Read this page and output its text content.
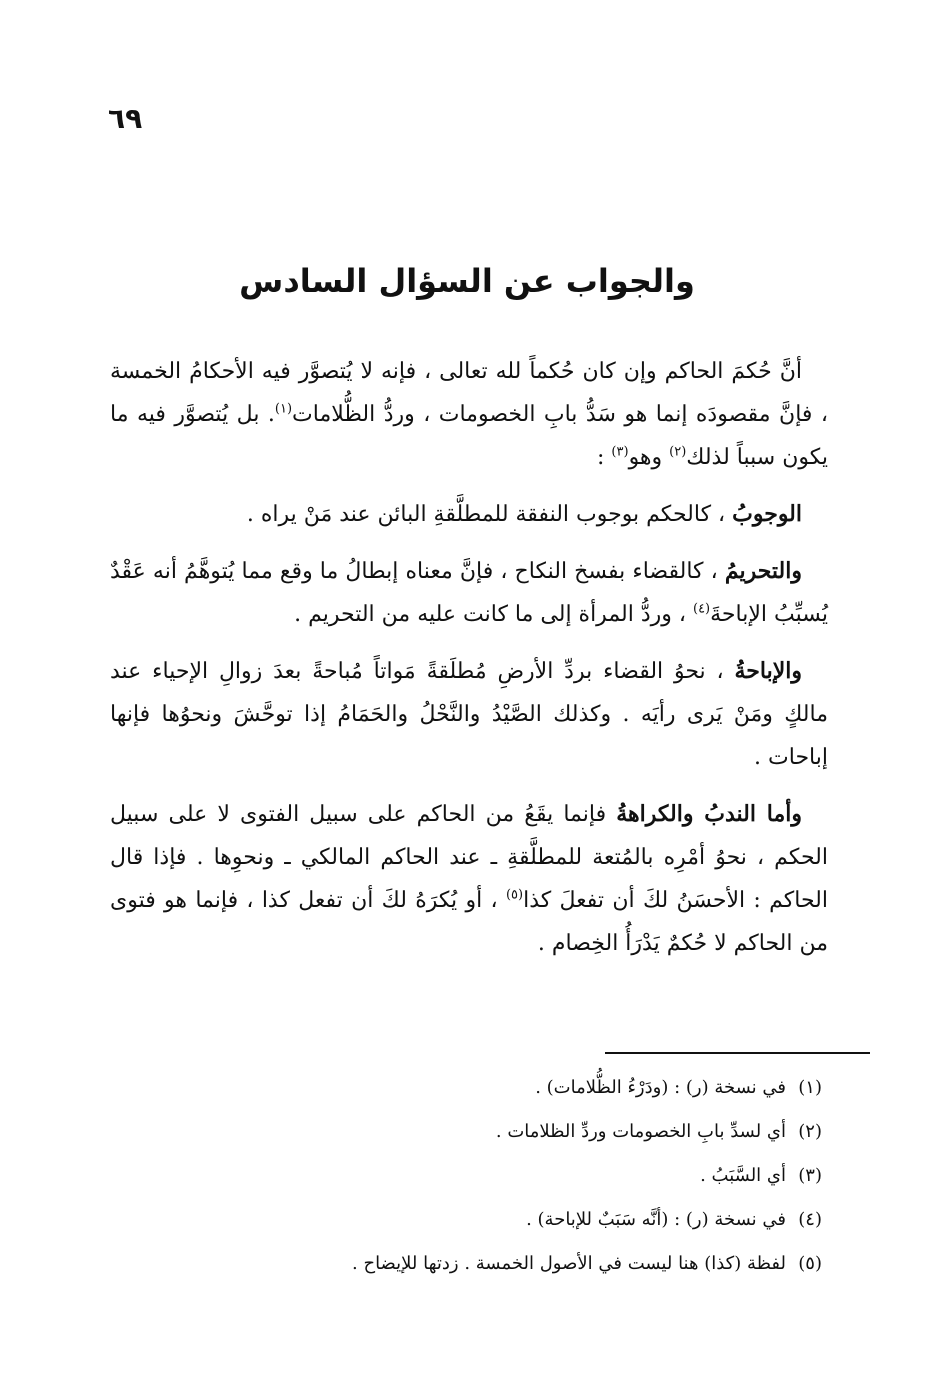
٦٩
والجواب عن السؤال السادس

أنَّ حُكمَ الحاكم وإن كان حُكماً لله تعالى ، فإنه لا يُتصوَّر فيه الأحكامُ الخمسة ، فإنَّ مقصودَه إنما هو سَدُّ بابِ الخصومات ، وردُّ الظُّلامات$^{(١)}$. بل يُتصوَّر فيه ما يكون سبباً لذلك$^{(٢)}$ وهو$^{(٣)}$ :

الوجوبُ ، كالحكم بوجوب النفقة للمطلَّقةِ البائن عند مَنْ يراه .

والتحريمُ ، كالقضاء بفسخ النكاح ، فإنَّ معناه إبطالُ ما وقع مما يُتوهَّمُ أنه عَقْدٌ يُسبِّبُ الإباحةَ$^{(٤)}$ ، وردُّ المرأة إلى ما كانت عليه من التحريم .

والإباحةُ ، نحوُ القضاء بردِّ الأرضِ مُطلَقةً مَواتاً مُباحةً بعدَ زوالِ الإحياء عند مالكٍ ومَنْ يَرى رأيَه . وكذلك الصَّيْدُ والنَّحْلُ والحَمَامُ إذا توحَّشَ ونحوُها فإنها إباحات .

وأما الندبُ والكراهةُ فإنما يقَعُ من الحاكم على سبيل الفتوى لا على سبيل الحكم ، نحوُ أمْرِه بالمُتعة للمطلَّقةِ ـ عند الحاكم المالكي ـ ونحوِها . فإذا قال الحاكم : الأحسَنُ لكَ أن تفعلَ كذا$^{(٥)}$ ، أو يُكرَهُ لكَ أن تفعل كذا ، فإنما هو فتوى من الحاكم لا حُكمٌ يَدْرَأُ الخِصام .

(١)في نسخة (ر) : (ودَرْءُ الظُّلامات) .
(٢)أي لسدِّ بابِ الخصومات وردِّ الظلامات .
(٣)أي السَّبَبُ .
(٤)في نسخة (ر) : (أنَّه سَبَبٌ للإباحة) .
(٥)لفظة (كذا) هنا ليست في الأصول الخمسة . زدتها للإيضاح .
